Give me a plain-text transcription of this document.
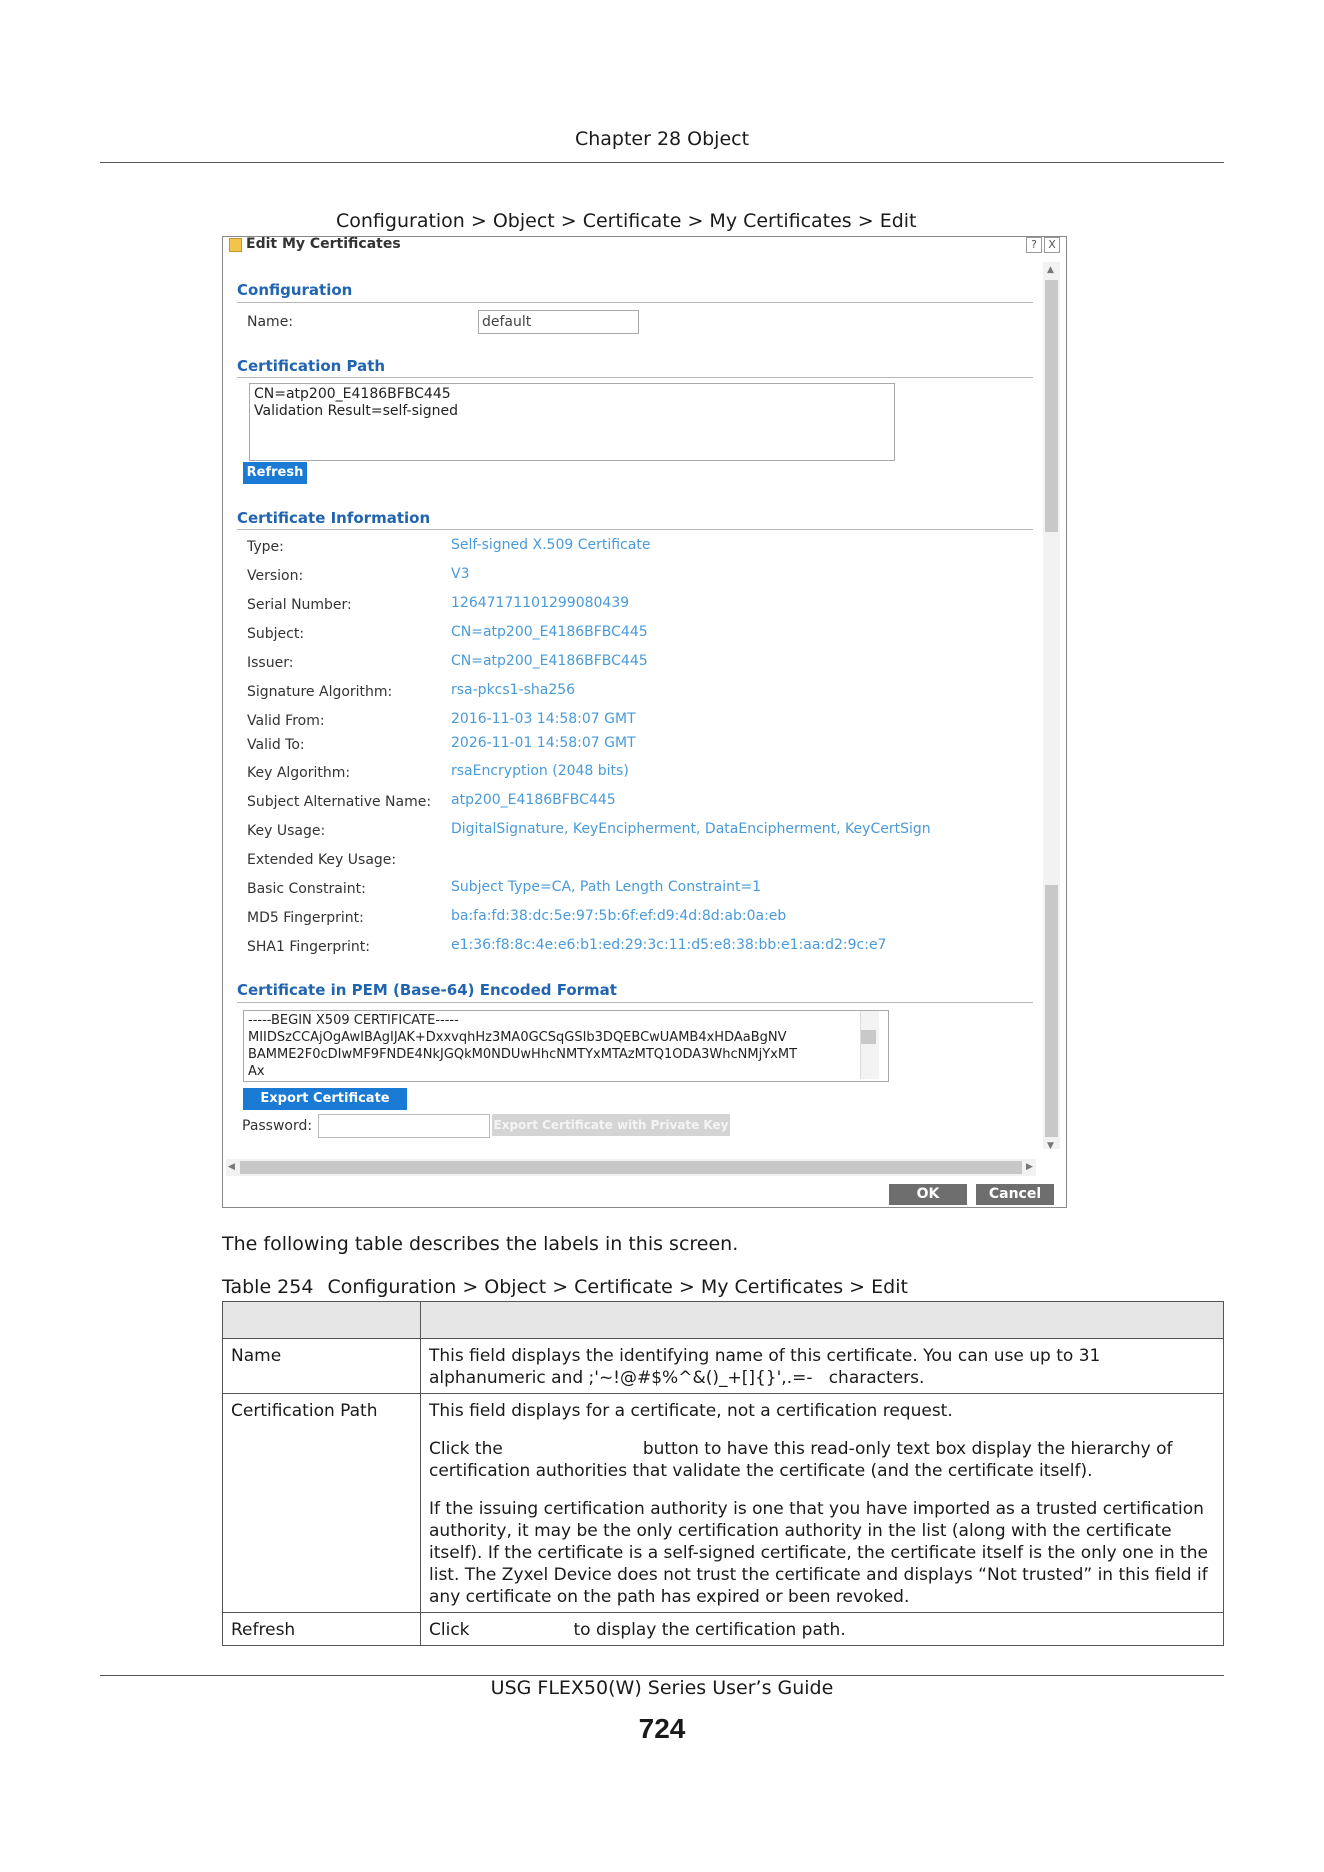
Chapter 28 Object
Configuration > Object > Certificate > My Certificates > Edit
Edit My Certificates	?	X
Configuration
Name:	default
Certification Path
CN=atp200_E4186BFBC445
Validation Result=self-signed
Refresh
Certificate Information
Type:	Self-signed X.509 Certificate
Version:	V3
Serial Number:	12647171101299080439
Subject:	CN=atp200_E4186BFBC445
Issuer:	CN=atp200_E4186BFBC445
Signature Algorithm:	rsa-pkcs1-sha256
Valid From:	2016-11-03 14:58:07 GMT
Valid To:	2026-11-01 14:58:07 GMT
Key Algorithm:	rsaEncryption (2048 bits)
Subject Alternative Name: atp200_E4186BFBC445
Key Usage:	DigitalSignature, KeyEncipherment, DataEncipherment, KeyCertSign
Extended Key Usage:
Basic Constraint:	Subject Type=CA, Path Length Constraint=1
MD5 Fingerprint:	ba:fa:fd:38:dc:5e:97:5b:6f:ef:d9:4d:8d:ab:0a:eb
SHA1 Fingerprint:	e1:36:f8:8c:4e:e6:b1:ed:29:3c:11:d5:e8:38:bb:e1:aa:d2:9c:e7
Certificate in PEM (Base-64) Encoded Format
-----BEGIN X509 CERTIFICATE-----
MIIDSzCCAjOgAwIBAgIJAK+DxxvqhHz3MA0GCSqGSIb3DQEBCwUAMB4xHDAaBgNV
BAMME2F0cDIwMF9FNDE4NkJGQkM0NDUwHhcNMTYxMTAzMTQ1ODA3WhcNMjYxMT
Ax
Export Certificate Only
Password:	Export Certificate with Private Key
▲
▼
◀	▶
OK	Cancel
The following table describes the labels in this screen.
Table 254 Configuration > Object > Certificate > My Certificates > Edit

Name	This field displays the identifying name of this certificate. You can use up to 31 alphanumeric and ;'~!@#$%^&()_+[]{}',.=- characters.
Certification Path	This field displays for a certificate, not a certification request.

Click the button to have this read-only text box display the hierarchy of certification authorities that validate the certificate (and the certificate itself).

If the issuing certification authority is one that you have imported as a trusted certification authority, it may be the only certification authority in the list (along with the certificate itself). If the certificate is a self-signed certificate, the certificate itself is the only one in the list. The Zyxel Device does not trust the certificate and displays “Not trusted” in this field if any certificate on the path has expired or been revoked.

Refresh	Click to display the certification path.
USG FLEX50(W) Series User’s Guide
724
